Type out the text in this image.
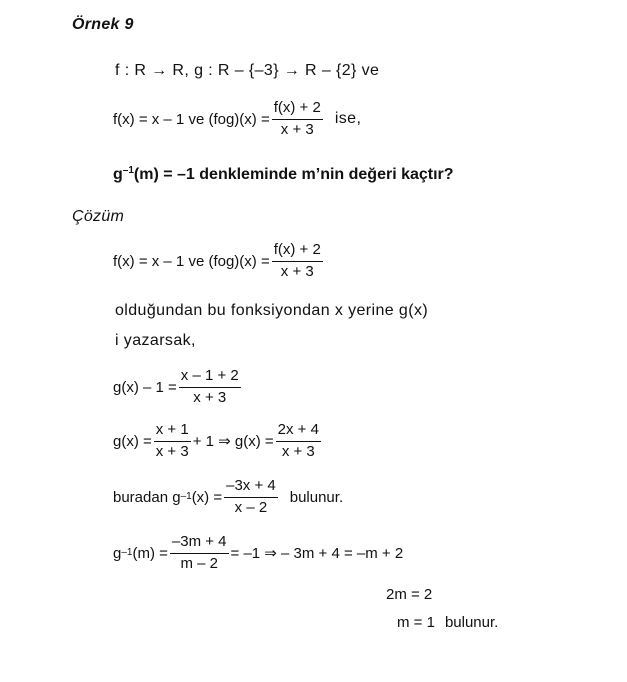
Örnek 9
f : R → R, g : R – {–3} → R – {2} ve
f(x) = x – 1 ve $(fog)(x) = \frac{f(x) + 2}{x + 3}$ ise,
$g^{-1}(m) = -1$ denkleminde m’nin değeri kaçtır?
Çözüm
f(x) = x – 1 ve $(fog)(x) = \frac{f(x) + 2}{x + 3}$
olduğundan bu fonksiyondan x yerine g(x)
i yazarsak,
$g(x) - 1 = \frac{x - 1 + 2}{x + 3}$
$g(x) = \frac{x + 1}{x + 3} + 1$ ⇒ $g(x) = \frac{2x + 4}{x + 3}$
buradan g –1 $(x) = \frac{-3x + 4}{x - 2}$ bulunur.
g –1 $(m) = \frac{-3m + 4}{m - 2} = -1$ ⇒ – 3m + 4 = –m + 2
2m = 2
m = 1 bulunur.
